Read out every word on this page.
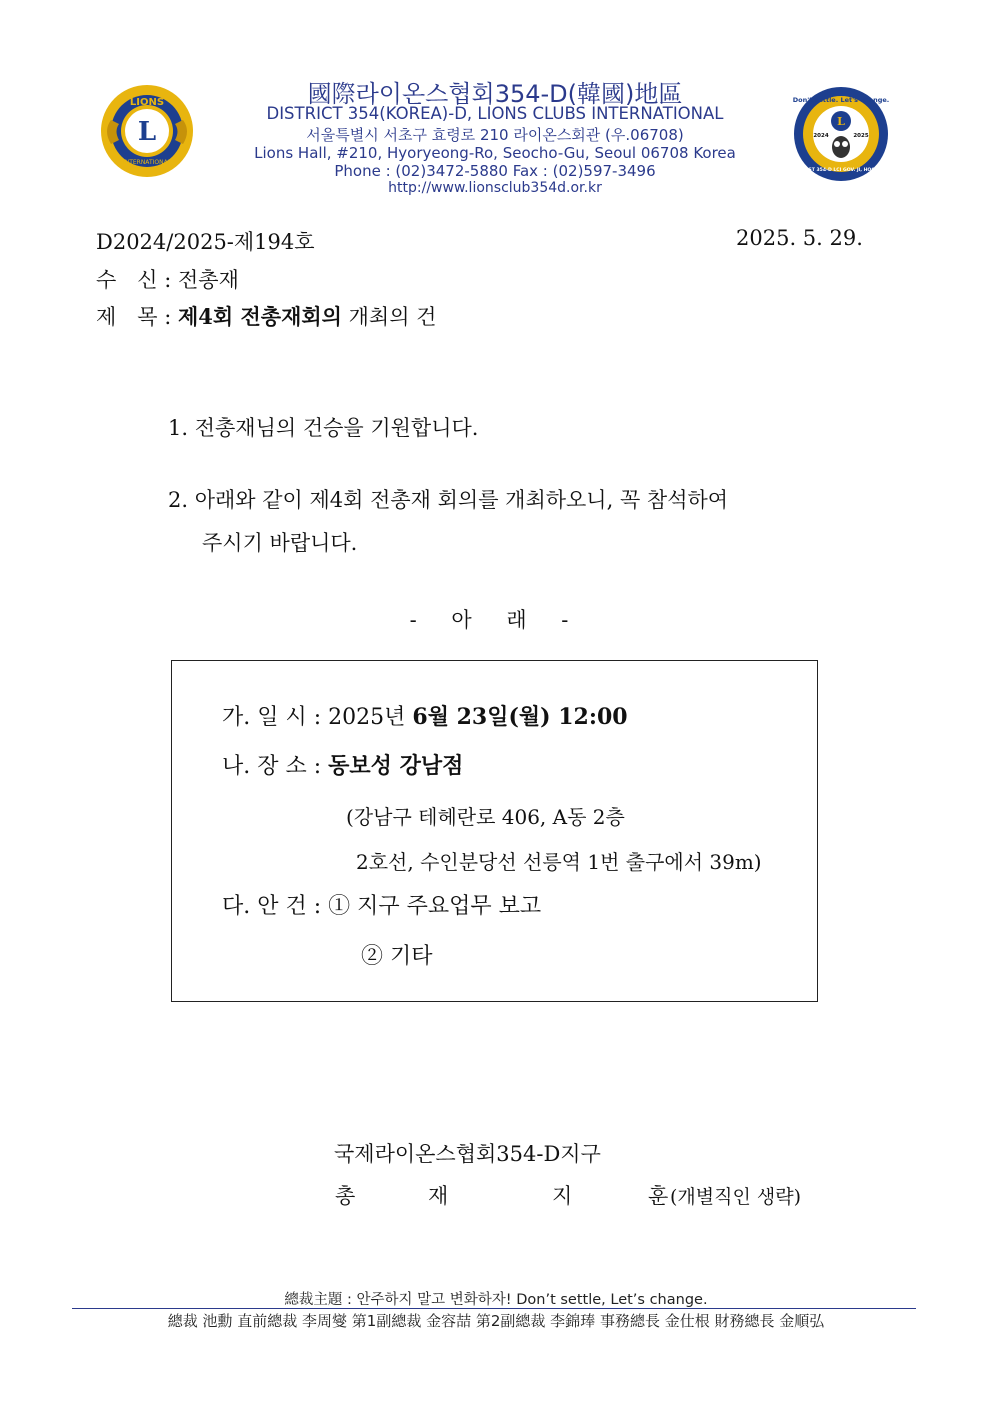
L
LIONS
INTERNATIONAL
L
2024	2025
Don't settle. Let's change.
DIST 354-D LCI GOV. JI, HOON
國際라이온스협회354-D(韓國)地區
DISTRICT 354(KOREA)-D, LIONS CLUBS INTERNATIONAL
서울특별시 서초구 효령로 210 라이온스회관 (우.06708)
Lions Hall, #210, Hyoryeong-Ro, Seocho-Gu, Seoul 06708 Korea
Phone : (02)3472-5880 Fax : (02)597-3496
http://www.lionsclub354d.or.kr
D2024/2025-제194호	2025. 5. 29.
수　신 : 전총재
제　목 : 제4회 전총재회의 개최의 건
1. 전총재님의 건승을 기원합니다.
2. 아래와 같이 제4회 전총재 회의를 개최하오니, 꼭 참석하여
주시기 바랍니다.
- 아 래 -
가. 일 시 : 2025년 6월 23일(월) 12:00
나. 장 소 : 동보성 강남점
(강남구 테헤란로 406, A동 2층
2호선, 수인분당선 선릉역 1번 출구에서 39m)
다. 안 건 : ① 지구 주요업무 보고
② 기타
국제라이온스협회354-D지구
총	재	지	훈 (개별직인 생략)
總裁主題 : 안주하지 말고 변화하자! Don’t settle, Let’s change.
總裁 池勳 直前總裁 李周燮 第1副總裁 金容喆 第2副總裁 李錦琫 事務總長 金仕根 財務總長 金順弘
